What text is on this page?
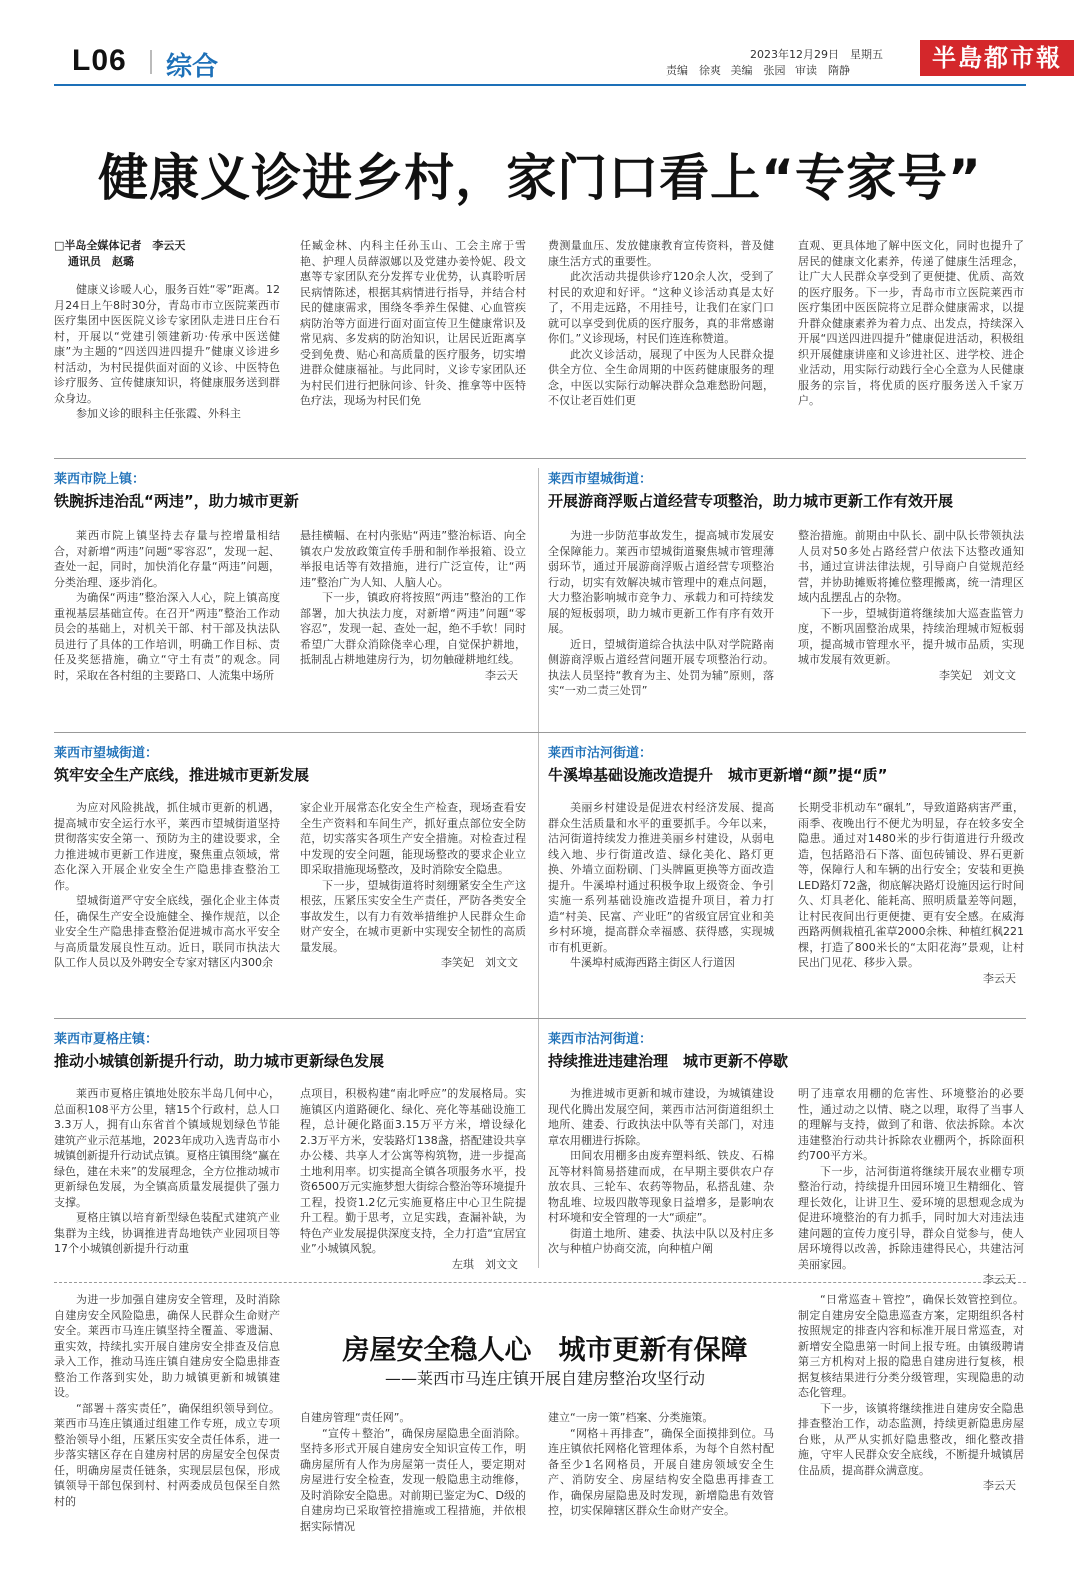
L06 综合	2023年12月29日　星期五
责编　徐爽 美编　张园 审读　隋静	半島都市報
健康义诊进乡村，家门口看上“专家号”
□半岛全媒体记者　李云天
通讯员　赵璐

健康义诊暖人心，服务百姓“零”距离。12月24日上午8时30分，青岛市市立医院莱西市医疗集团中医医院义诊专家团队走进日庄台石村，开展以“党建引领建新功·传承中医送健康”为主题的“四送四进四提升”健康义诊进乡村活动，为村民提供面对面的义诊、中医特色诊疗服务、宣传健康知识，将健康服务送到群众身边。

参加义诊的眼科主任张霞、外科主

任臧金林、内科主任孙玉山、工会主席于雪艳、护理人员薛淑娜以及党建办姜怜妮、段文惠等专家团队充分发挥专业优势，认真聆听居民病情陈述，根据其病情进行指导，并结合村民的健康需求，围绕冬季养生保健、心血管疾病防治等方面进行面对面宣传卫生健康常识及常见病、多发病的防治知识，让居民近距离享受到免费、贴心和高质量的医疗服务，切实增进群众健康福祉。与此同时，义诊专家团队还为村民们进行把脉问诊、针灸、推拿等中医特色疗法，现场为村民们免
费测量血压、发放健康教育宣传资料，普及健康生活方式的重要性。

此次活动共提供诊疗120余人次，受到了村民的欢迎和好评。“这种义诊活动真是太好了，不用走远路，不用挂号，让我们在家门口就可以享受到优质的医疗服务，真的非常感谢你们。”义诊现场，村民们连连称赞道。

此次义诊活动，展现了中医为人民群众提供全方位、全生命周期的中医药健康服务的理念，中医以实际行动解决群众急难愁盼问题，不仅让老百姓们更

直观、更具体地了解中医文化，同时也提升了居民的健康文化素养，传递了健康生活理念，让广大人民群众享受到了更便捷、优质、高效的医疗服务。下一步，青岛市市立医院莱西市医疗集团中医医院将立足群众健康需求，以提升群众健康素养为着力点、出发点，持续深入开展“四送四进四提升”健康促进活动，积极组织开展健康讲座和义诊进社区、进学校、进企业活动，用实际行动践行全心全意为人民健康服务的宗旨，将优质的医疗服务送入千家万户。
莱西市院上镇：
铁腕拆违治乱“两违”，助力城市更新

莱西市院上镇坚持去存量与控增量相结合，对新增“两违”问题“零容忍”，发现一起、查处一起，同时，加快消化存量“两违”问题，分类治理、逐步消化。

为确保“两违”整治深入人心，院上镇高度重视基层基础宣传。在召开“两违”整治工作动员会的基础上，对机关干部、村干部及执法队员进行了具体的工作培训，明确工作目标、责任及奖惩措施，确立“守土有责”的观念。同时，采取在各村组的主要路口、人流集中场所

悬挂横幅、在村内张贴“两违”整治标语、向全镇农户发放政策宣传手册和制作举报箱、设立举报电话等有效措施，进行广泛宣传，让“两违”整治广为人知、人脑人心。

下一步，镇政府将按照“两违”整治的工作部署，加大执法力度，对新增“两违”问题“零容忍”，发现一起、查处一起，绝不手软！同时希望广大群众消除侥幸心理，自觉保护耕地，抵制乱占耕地建房行为，切勿触碰耕地红线。

李云天
莱西市望城街道：
开展游商浮贩占道经营专项整治，助力城市更新工作有效开展

为进一步防范事故发生，提高城市发展安全保障能力。莱西市望城街道聚焦城市管理薄弱环节，通过开展游商浮贩占道经营专项整治行动，切实有效解决城市管理中的难点问题，大力整治影响城市竞争力、承载力和可持续发展的短板弱项，助力城市更新工作有序有效开展。

近日，望城街道综合执法中队对学院路南侧游商浮贩占道经营问题开展专项整治行动。执法人员坚持“教育为主、处罚为辅”原则，落实“一劝二责三处罚”

整治措施。前期由中队长、副中队长带领执法人员对50多处占路经营户依法下达整改通知书，通过宣讲法律法规，引导商户自觉规范经营，并协助摊贩将摊位整理搬离，统一清理区域内乱摆乱占的杂物。

下一步，望城街道将继续加大巡查监管力度，不断巩固整治成果，持续治理城市短板弱项，提高城市管理水平，提升城市品质，实现城市发展有效更新。

李笑妃　刘文文
莱西市望城街道：
筑牢安全生产底线，推进城市更新发展

为应对风险挑战，抓住城市更新的机遇，提高城市安全运行水平，莱西市望城街道坚持贯彻落实安全第一、预防为主的建设要求，全力推进城市更新工作进度，聚焦重点领域，常态化深入开展企业安全生产隐患排查整治工作。

望城街道严守安全底线，强化企业主体责任，确保生产安全设施健全、操作规范，以企业安全生产隐患排查整治促进城市高水平安全与高质量发展良性互动。近日，联同市执法大队工作人员以及外聘安全专家对辖区内300余

家企业开展常态化安全生产检查，现场查看安全生产资料和车间生产，抓好重点部位安全防范，切实落实各项生产安全措施。对检查过程中发现的安全问题，能现场整改的要求企业立即采取措施现场整改，及时消除安全隐患。

下一步，望城街道将时刻绷紧安全生产这根弦，压紧压实安全生产责任，严防各类安全事故发生，以有力有效举措维护人民群众生命财产安全，在城市更新中实现安全韧性的高质量发展。

李笑妃　刘文文
莱西市沽河街道：
牛溪埠基础设施改造提升　城市更新增“颜”提“质”

美丽乡村建设是促进农村经济发展、提高群众生活质量和水平的重要抓手。今年以来，沽河街道持续发力推进美丽乡村建设，从弱电线入地、步行街道改造、绿化美化、路灯更换、外墙立面粉刷、门头牌匾更换等方面改造提升。牛溪埠村通过积极争取上级资金、争引实施一系列基础设施改造提升项目，着力打造“村美、民富、产业旺”的省级宜居宜业和美乡村环境，提高群众幸福感、获得感，实现城市有机更新。

牛溪埠村威海西路主街区人行道因

长期受非机动车“碾轧”，导致道路病害严重，雨季、夜晚出行不便尤为明显，存在较多安全隐患。通过对1480米的步行街道进行升级改造，包括路沿石下落、面包砖铺设、界石更新等，保障行人和车辆的出行安全；安装和更换LED路灯72盏，彻底解决路灯设施因运行时间久、灯具老化、能耗高、照明质量差等问题，让村民夜间出行更便捷、更有安全感。在威海西路两侧栽植孔雀草2000余株、种植红枫221棵，打造了800米长的“太阳花海”景观，让村民出门见花、移步入景。
李云天
莱西市夏格庄镇：
推动小城镇创新提升行动，助力城市更新绿色发展

莱西市夏格庄镇地处胶东半岛几何中心，总面积108平方公里，辖15个行政村，总人口3.3万人，拥有山东省首个镇域规划绿色节能建筑产业示范基地，2023年成功入选青岛市小城镇创新提升行动试点镇。夏格庄镇围绕“赢在绿色，建在未来”的发展理念，全方位推动城市更新绿色发展，为全镇高质量发展提供了强力支撑。

夏格庄镇以培育新型绿色装配式建筑产业集群为主线，协调推进青岛地铁产业园项目等17个小城镇创新提升行动重

点项目，积极构建“南北呼应”的发展格局。实施镇区内道路硬化、绿化、亮化等基础设施工程，总计硬化路面3.15万平方米，增设绿化2.3万平方米，安装路灯138盏，搭配建设共享办公楼、共享人才公寓等构筑物，进一步提高土地利用率。切实提高全镇各项服务水平，投资6500万元实施梦想大街综合整治等环境提升工程，投资1.2亿元实施夏格庄中心卫生院提升工程。勤于思考，立足实践，查漏补缺，为特色产业发展提供深度支持，全力打造“宜居宜业”小城镇风貌。
左琪　刘文文
莱西市沽河街道：
持续推进违建治理　城市更新不停歇

为推进城市更新和城市建设，为城镇建设现代化腾出发展空间，莱西市沽河街道组织土地所、建委、行政执法中队等有关部门，对违章农用棚进行拆除。

田间农用棚多由废弃塑料纸、铁皮、石棉瓦等材料简易搭建而成，在早期主要供农户存放农具、三轮车、农药等物品，私搭乱建、杂物乱堆、垃圾四散等现象日益增多，是影响农村环境和安全管理的一大“顽症”。

街道土地所、建委、执法中队以及村庄多次与种植户协商交流，向种植户阐

明了违章农用棚的危害性、环境整治的必要性，通过动之以情、晓之以理，取得了当事人的理解与支持，做到了和谐、依法拆除。本次违建整治行动共计拆除农业棚两个，拆除面积约700平方米。

下一步，沽河街道将继续开展农业棚专项整治行动，持续提升田园环境卫生精细化、管理长效化，让讲卫生、爱环境的思想观念成为促进环境整治的有力抓手，同时加大对违法违建问题的宣传力度引导，群众自觉参与，使人居环境得以改善，拆除违建得民心，共建沽河美丽家园。

李云天
房屋安全稳人心　城市更新有保障
——莱西市马连庄镇开展自建房整治攻坚行动

为进一步加强自建房安全管理，及时消除自建房安全风险隐患，确保人民群众生命财产安全。莱西市马连庄镇坚持全覆盖、零遗漏、重实效，持续扎实开展自建房安全排查及信息录入工作，推动马连庄镇自建房安全隐患排查整治工作落到实处，助力城镇更新和城镇建设。

“部署＋落实责任”，确保组织领导到位。莱西市马连庄镇通过组建工作专班，成立专项整治领导小组，压紧压实安全责任体系，进一步落实辖区存在自建房村居的房屋安全包保责任，明确房屋责任链条，实现层层包保，形成镇领导干部包保到村、村两委成员包保至自然村的

自建房管理“责任网”。

“宣传＋整治”，确保房屋隐患全面消除。坚持多形式开展自建房安全知识宣传工作，明确房屋所有人作为房屋第一责任人，要定期对房屋进行安全检查，发现一般隐患主动维修，及时消除安全隐患。对前期已鉴定为C、D级的自建房均已采取管控措施或工程措施，并依根据实际情况

建立“一房一策”档案、分类施策。

“网格＋再排查”，确保全面摸排到位。马连庄镇依托网格化管理体系，为每个自然村配备至少1名网格员，开展自建房领域安全生产、消防安全、房屋结构安全隐患再排查工作，确保房屋隐患及时发现，新增隐患有效管控，切实保障辖区群众生命财产安全。

“日常巡查＋管控”，确保长效管控到位。制定自建房安全隐患巡查方案，定期组织各村按照规定的排查内容和标准开展日常巡查，对新增安全隐患第一时间上报专班。由镇级聘请第三方机构对上报的隐患自建房进行复核，根据复核结果进行分类分级管理，实现隐患的动态化管理。

下一步，该镇将继续推进自建房安全隐患排查整治工作，动态监测，持续更新隐患房屋台账，从严从实抓好隐患整改，细化整改措施，守牢人民群众安全底线，不断提升城镇居住品质，提高群众满意度。

李云天
